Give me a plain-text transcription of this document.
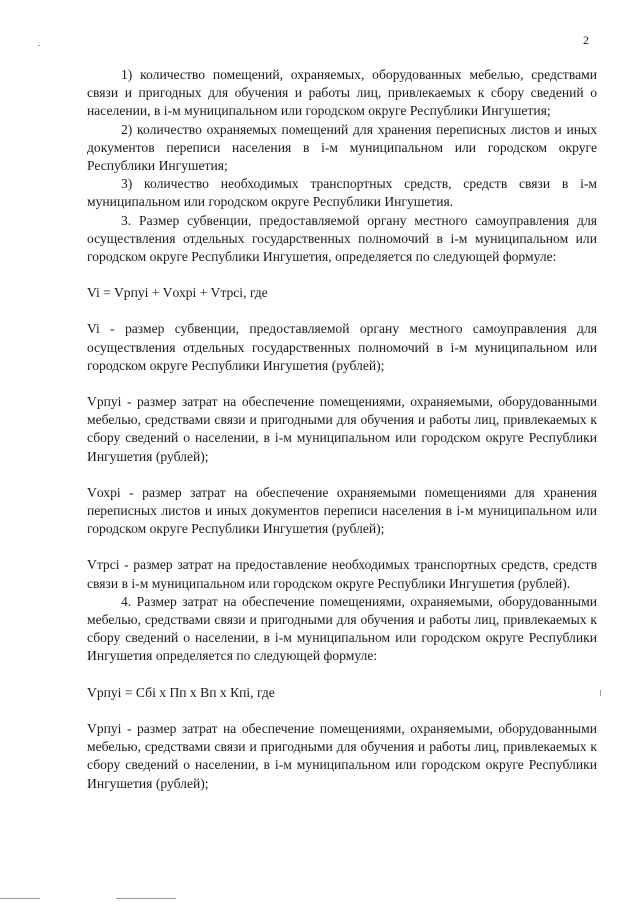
2

1) количество помещений, охраняемых, оборудованных мебелью, средствами связи и пригодных для обучения и работы лиц, привлекаемых к сбору сведений о населении, в i-м муниципальном или городском округе Республики Ингушетия;

2) количество охраняемых помещений для хранения переписных листов и иных документов переписи населения в i-м муниципальном или городском округе Республики Ингушетия;

3) количество необходимых транспортных средств, средств связи в i-м муниципальном или городском округе Республики Ингушетия.

3. Размер субвенции, предоставляемой органу местного самоуправления для осуществления отдельных государственных полномочий в i-м муниципальном или городском округе Республики Ингушетия, определяется по следующей формуле:

Vi = Vрпуi + Vохрi + Vтрсi, где

Vi - размер субвенции, предоставляемой органу местного самоуправления для осуществления отдельных государственных полномочий в i-м муниципальном или городском округе Республики Ингушетия (рублей);

Vрпуi - размер затрат на обеспечение помещениями, охраняемыми, оборудованными мебелью, средствами связи и пригодными для обучения и работы лиц, привлекаемых к сбору сведений о населении, в i-м муниципальном или городском округе Республики Ингушетия (рублей);

Vохрi - размер затрат на обеспечение охраняемыми помещениями для хранения переписных листов и иных документов переписи населения в i-м муниципальном или городском округе Республики Ингушетия (рублей);

Vтрсi - размер затрат на предоставление необходимых транспортных средств, средств связи в i-м муниципальном или городском округе Республики Ингушетия (рублей).

4. Размер затрат на обеспечение помещениями, охраняемыми, оборудованными мебелью, средствами связи и пригодными для обучения и работы лиц, привлекаемых к сбору сведений о населении, в i-м муниципальном или городском округе Республики Ингушетия определяется по следующей формуле:

Vрпуi = Сбi x Пп x Вп x Кпi, где

Vрпуi - размер затрат на обеспечение помещениями, охраняемыми, оборудованными мебелью, средствами связи и пригодными для обучения и работы лиц, привлекаемых к сбору сведений о населении, в i-м муниципальном или городском округе Республики Ингушетия (рублей);
